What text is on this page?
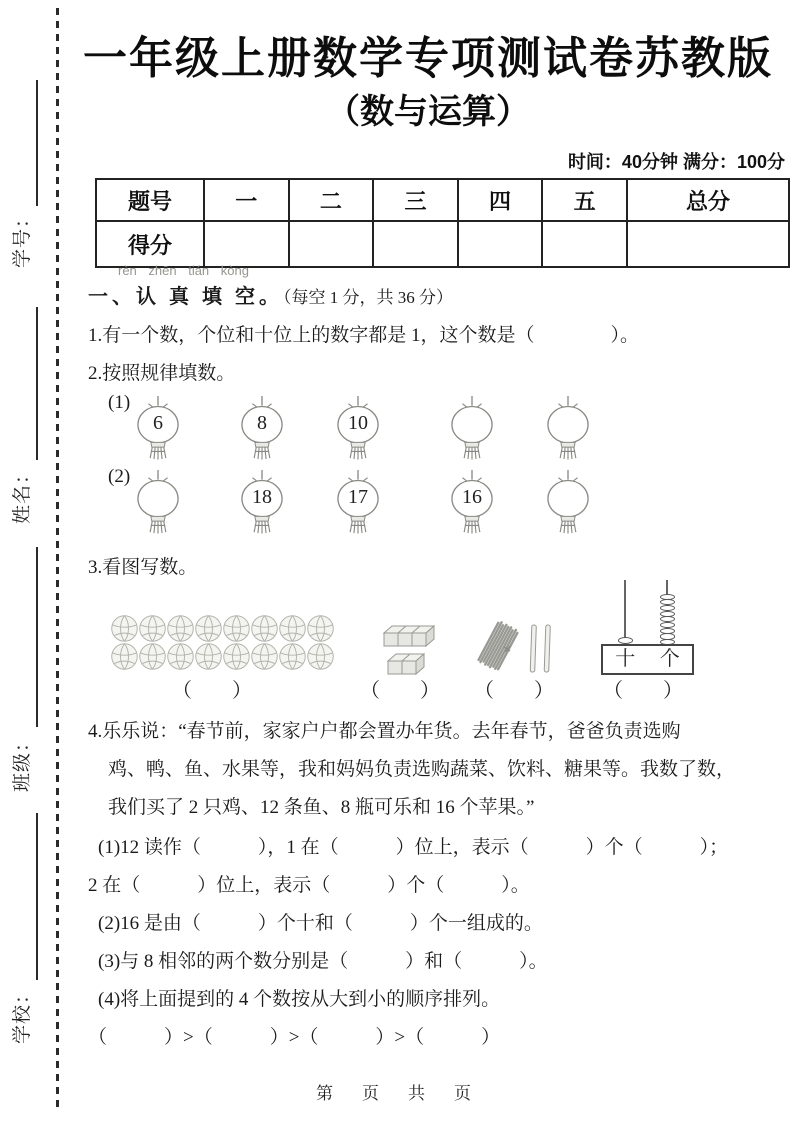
学号：
姓名：
班级：
学校：
一年级上册数学专项测试卷苏教版
（数与运算）
时间：40分钟 满分：100分
题号	一	二	三	四	五	总分
得分						
rèn zhēn tián kòng
一、认 真 填 空。（每空 1 分，共 36 分）
1.有一个数，个位和十位上的数字都是 1，这个数是（　　　　）。
2.按照规律填数。
(1)
6	8	10
(2)
18	17	16
3.看图写数。

十	个
（　　）	（　　） （　　） （　　）
4.乐乐说：“春节前，家家户户都会置办年货。去年春节，爸爸负责选购
鸡、鸭、鱼、水果等，我和妈妈负责选购蔬菜、饮料、糖果等。我数了数，
我们买了 2 只鸡、12 条鱼、8 瓶可乐和 16 个苹果。”
(1)12 读作（　　　），1 在（　　　）位上，表示（　　　）个（　　　）；
2 在（　　　）位上，表示（　　　）个（　　　）。
(2)16 是由（　　　）个十和（　　　）个一组成的。
(3)与 8 相邻的两个数分别是（　　　）和（　　　）。
(4)将上面提到的 4 个数按从大到小的顺序排列。
（　　　）>（　　　）>（　　　）>（　　　）
第　页　共　页
